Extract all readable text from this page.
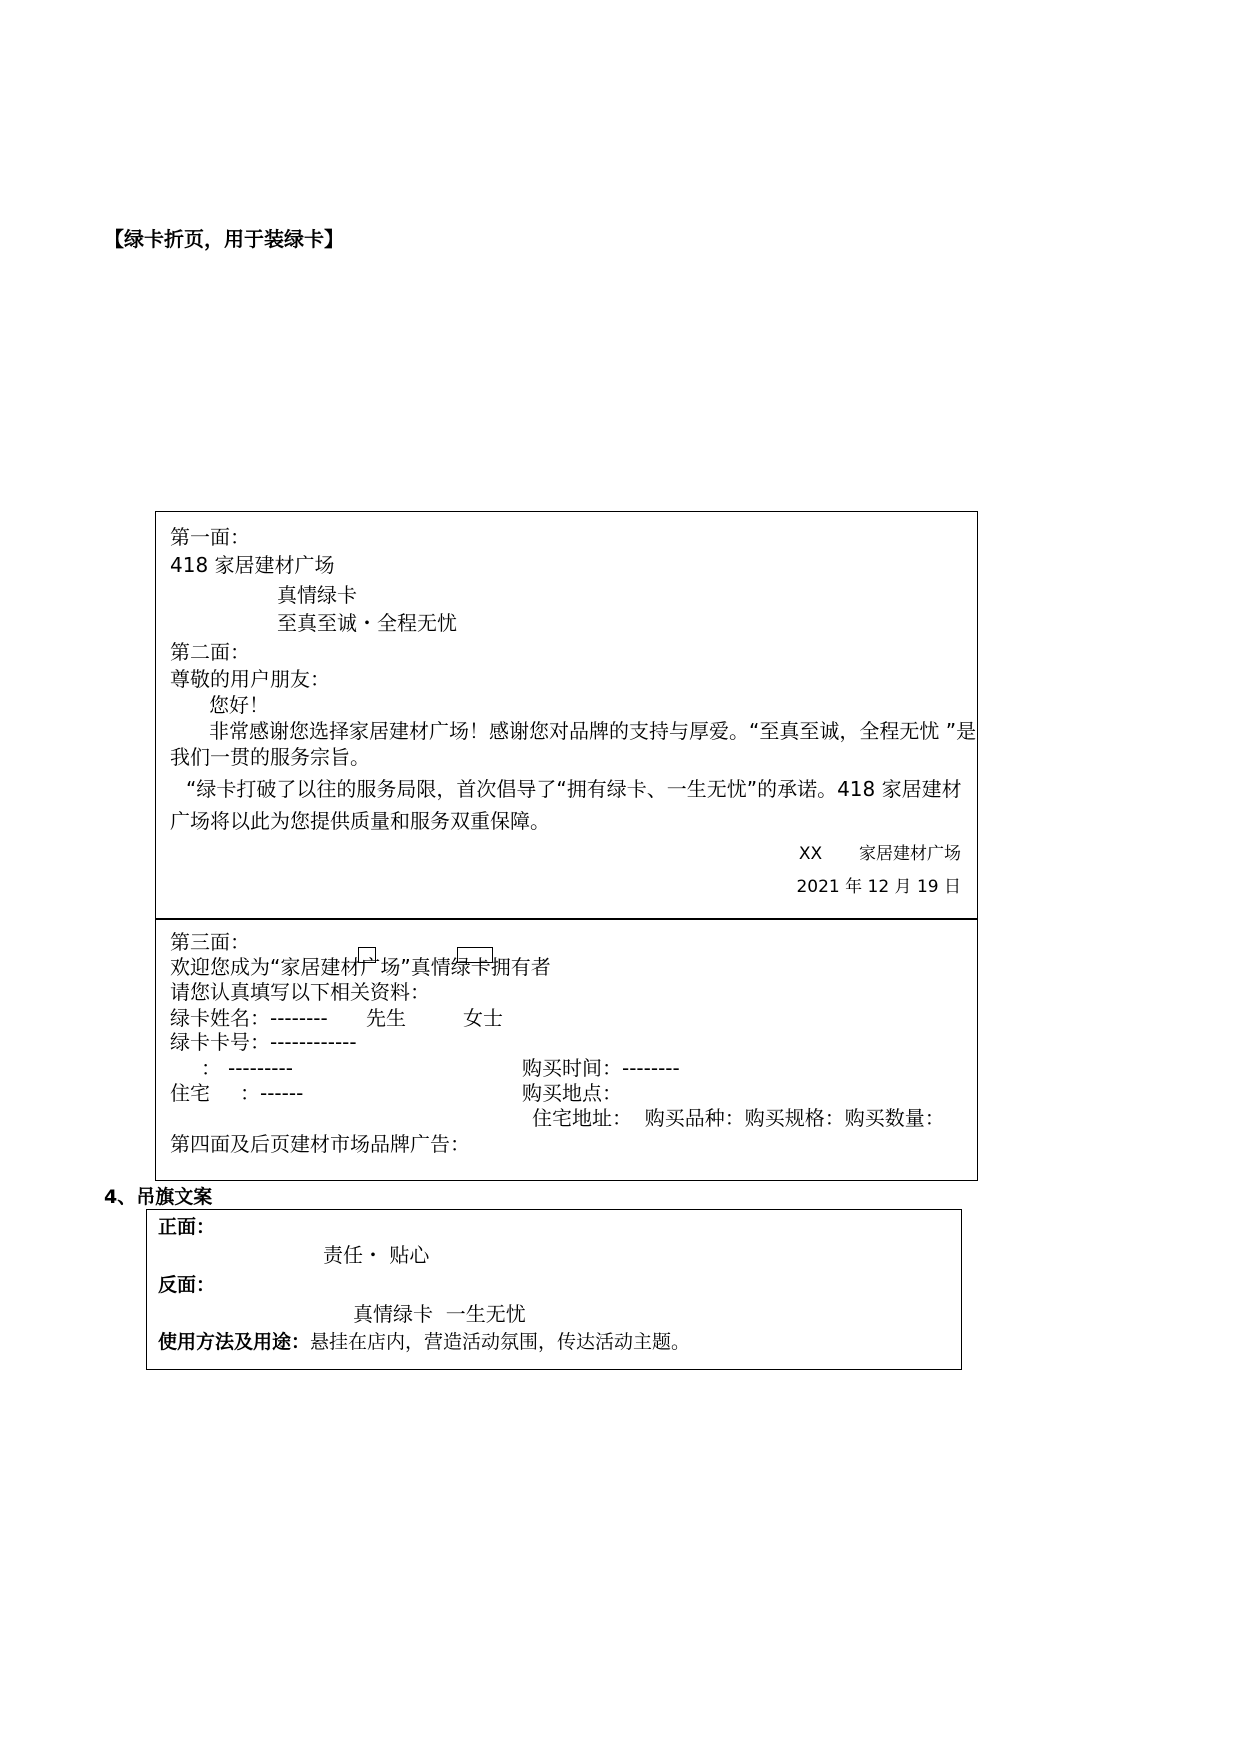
【绿卡折页，用于装绿卡】
第一面：
418 家居建材广场
真情绿卡
至真至诚・全程无忧
第二面：
尊敬的用户朋友：
您好！
非常感谢您选择家居建材广场！感谢您对品牌的支持与厚爱。“至真至诚，全程无忧 ”是
我们一贯的服务宗旨。
“绿卡打破了以往的服务局限，首次倡导了“拥有绿卡、一生无忧”的承诺。418 家居建材
广场将以此为您提供质量和服务双重保障。
XX 家居建材广场
2021 年 12 月 19 日
第三面：
欢迎您成为“家居建材广场”真情绿卡拥有者
请您认真填写以下相关资料：
绿卡姓名：-------- 先生	女士
绿卡卡号：------------
： ---------	购买时间：--------
住宅 ：------	购买地点：
住宅地址：  购买品种：购买规格：购买数量：
第四面及后页建材市场品牌广告：
4、吊旗文案
正面：
责任・ 贴心
反面：
真情绿卡  一生无忧
使用方法及用途：悬挂在店内，营造活动氛围，传达活动主题。
